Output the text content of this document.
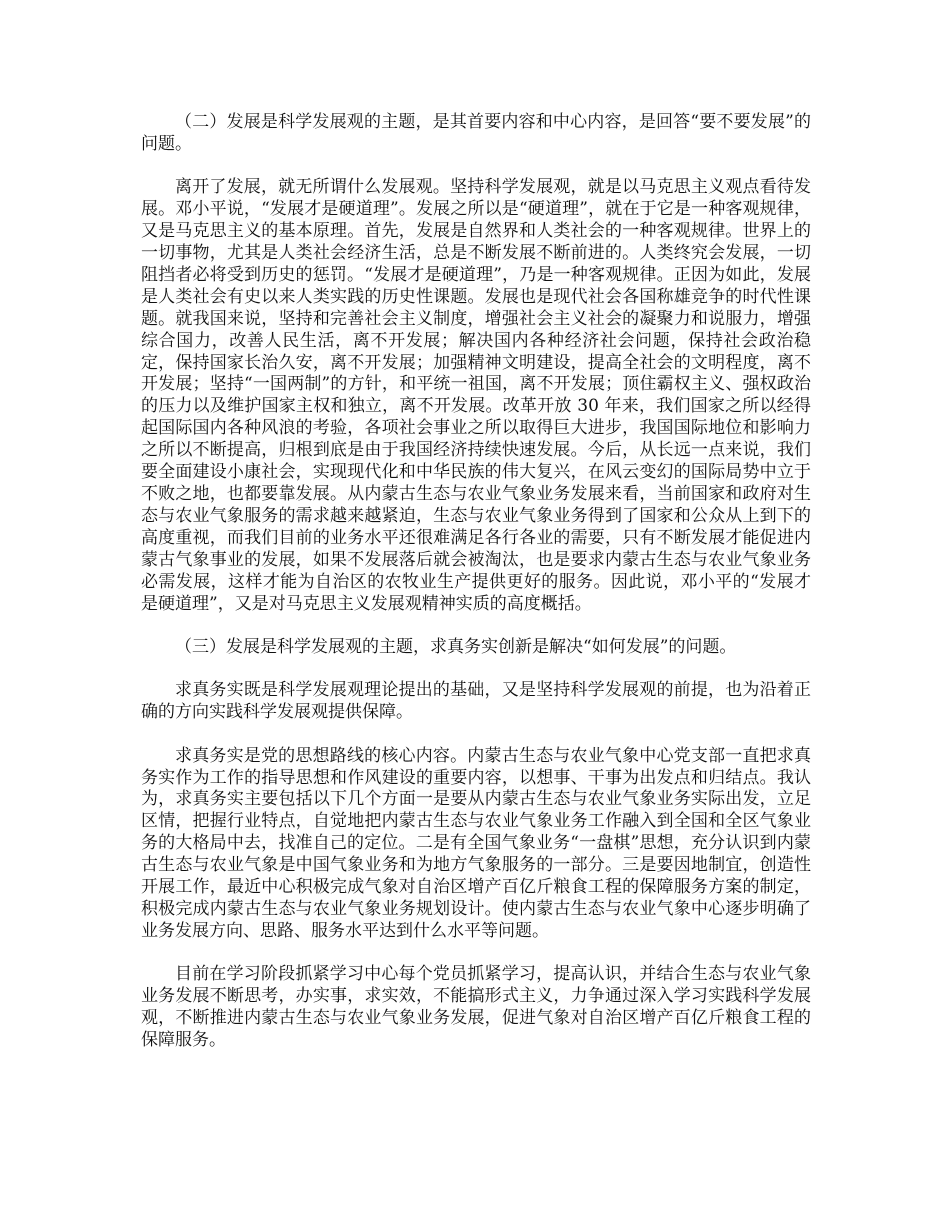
（二）发展是科学发展观的主题，是其首要内容和中心内容，是回答“要不要发展”的问题。

离开了发展，就无所谓什么发展观。坚持科学发展观，就是以马克思主义观点看待发展。邓小平说，“发展才是硬道理”。发展之所以是“硬道理”，就在于它是一种客观规律，又是马克思主义的基本原理。首先，发展是自然界和人类社会的一种客观规律。世界上的一切事物，尤其是人类社会经济生活，总是不断发展不断前进的。人类终究会发展，一切阻挡者必将受到历史的惩罚。“发展才是硬道理”，乃是一种客观规律。正因为如此，发展是人类社会有史以来人类实践的历史性课题。发展也是现代社会各国称雄竞争的时代性课题。就我国来说，坚持和完善社会主义制度，增强社会主义社会的凝聚力和说服力，增强综合国力，改善人民生活，离不开发展；解决国内各种经济社会问题，保持社会政治稳定，保持国家长治久安，离不开发展；加强精神文明建设，提高全社会的文明程度，离不开发展；坚持“一国两制”的方针，和平统一祖国，离不开发展；顶住霸权主义、强权政治的压力以及维护国家主权和独立，离不开发展。改革开放 30 年来，我们国家之所以经得起国际国内各种风浪的考验，各项社会事业之所以取得巨大进步，我国国际地位和影响力之所以不断提高，归根到底是由于我国经济持续快速发展。今后，从长远一点来说，我们要全面建设小康社会，实现现代化和中华民族的伟大复兴，在风云变幻的国际局势中立于不败之地，也都要靠发展。从内蒙古生态与农业气象业务发展来看，当前国家和政府对生态与农业气象服务的需求越来越紧迫，生态与农业气象业务得到了国家和公众从上到下的高度重视，而我们目前的业务水平还很难满足各行各业的需要，只有不断发展才能促进内蒙古气象事业的发展，如果不发展落后就会被淘汰，也是要求内蒙古生态与农业气象业务必需发展，这样才能为自治区的农牧业生产提供更好的服务。因此说，邓小平的“发展才是硬道理”，又是对马克思主义发展观精神实质的高度概括。

（三）发展是科学发展观的主题，求真务实创新是解决“如何发展”的问题。

求真务实既是科学发展观理论提出的基础，又是坚持科学发展观的前提，也为沿着正确的方向实践科学发展观提供保障。

求真务实是党的思想路线的核心内容。内蒙古生态与农业气象中心党支部一直把求真务实作为工作的指导思想和作风建设的重要内容，以想事、干事为出发点和归结点。我认为，求真务实主要包括以下几个方面一是要从内蒙古生态与农业气象业务实际出发，立足区情，把握行业特点，自觉地把内蒙古生态与农业气象业务工作融入到全国和全区气象业务的大格局中去，找准自己的定位。二是有全国气象业务“一盘棋”思想，充分认识到内蒙古生态与农业气象是中国气象业务和为地方气象服务的一部分。三是要因地制宜，创造性开展工作，最近中心积极完成气象对自治区增产百亿斤粮食工程的保障服务方案的制定，积极完成内蒙古生态与农业气象业务规划设计。使内蒙古生态与农业气象中心逐步明确了业务发展方向、思路、服务水平达到什么水平等问题。

目前在学习阶段抓紧学习中心每个党员抓紧学习，提高认识，并结合生态与农业气象业务发展不断思考，办实事，求实效，不能搞形式主义，力争通过深入学习实践科学发展观，不断推进内蒙古生态与农业气象业务发展，促进气象对自治区增产百亿斤粮食工程的保障服务。
